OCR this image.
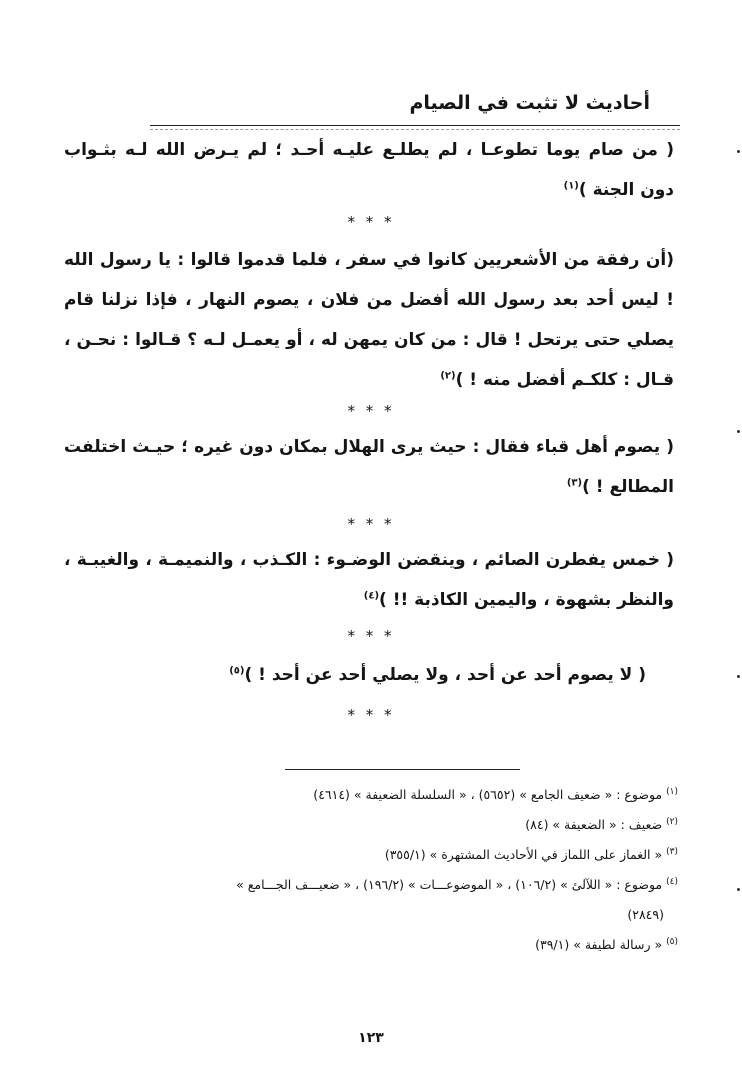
أحاديث لا تثبت في الصيام

( من صام يوما تطوعـا ، لم يطلـع عليـه أحـد ؛ لم يـرض الله لـه بثـواب دون الجنة )$^{(١)}$

* * *

(أن رفقة من الأشعريين كانوا في سفر ، فلما قدموا قالوا : يا رسول الله ! ليس أحد بعد رسول الله أفضل من فلان ، يصوم النهار ، فإذا نزلنا قام يصلي حتى يرتحل ! قال : من كان يمهن له ، أو يعمـل لـه ؟ قـالوا : نحـن ، قـال : كلكـم أفضل منه ! )$^{(٢)}$

* * *

( يصوم أهل قباء فقال : حيث يرى الهلال بمكان دون غيره ؛ حيـث اختلفت المطالع ! )$^{(٣)}$

* * *

( خمس يفطرن الصائم ، وينقضن الوضـوء : الكـذب ، والنميمـة ، والغيبـة ، والنظر بشهوة ، واليمين الكاذبة !! )$^{(٤)}$

* * *

( لا يصوم أحد عن أحد ، ولا يصلي أحد عن أحد ! )$^{(٥)}$

* * *

$^{(١)}$موضوع : « ضعيف الجامع » (٥٦٥٢) ، « السلسلة الضعيفة » (٤٦١٤)

$^{(٢)}$ضعيف : « الضعيفة » (٨٤)

$^{(٣)}$« الغماز على اللماز في الأحاديث المشتهرة » (٣٥٥/١)

$^{(٤)}$موضوع : « اللآلئ » (١٠٦/٢) ، « الموضوعـــات » (١٩٦/٢) ، « ضعيـــف الجـــامع »

(٢٨٤٩)

$^{(٥)}$« رسالة لطيفة » (٣٩/١)

١٢٣
